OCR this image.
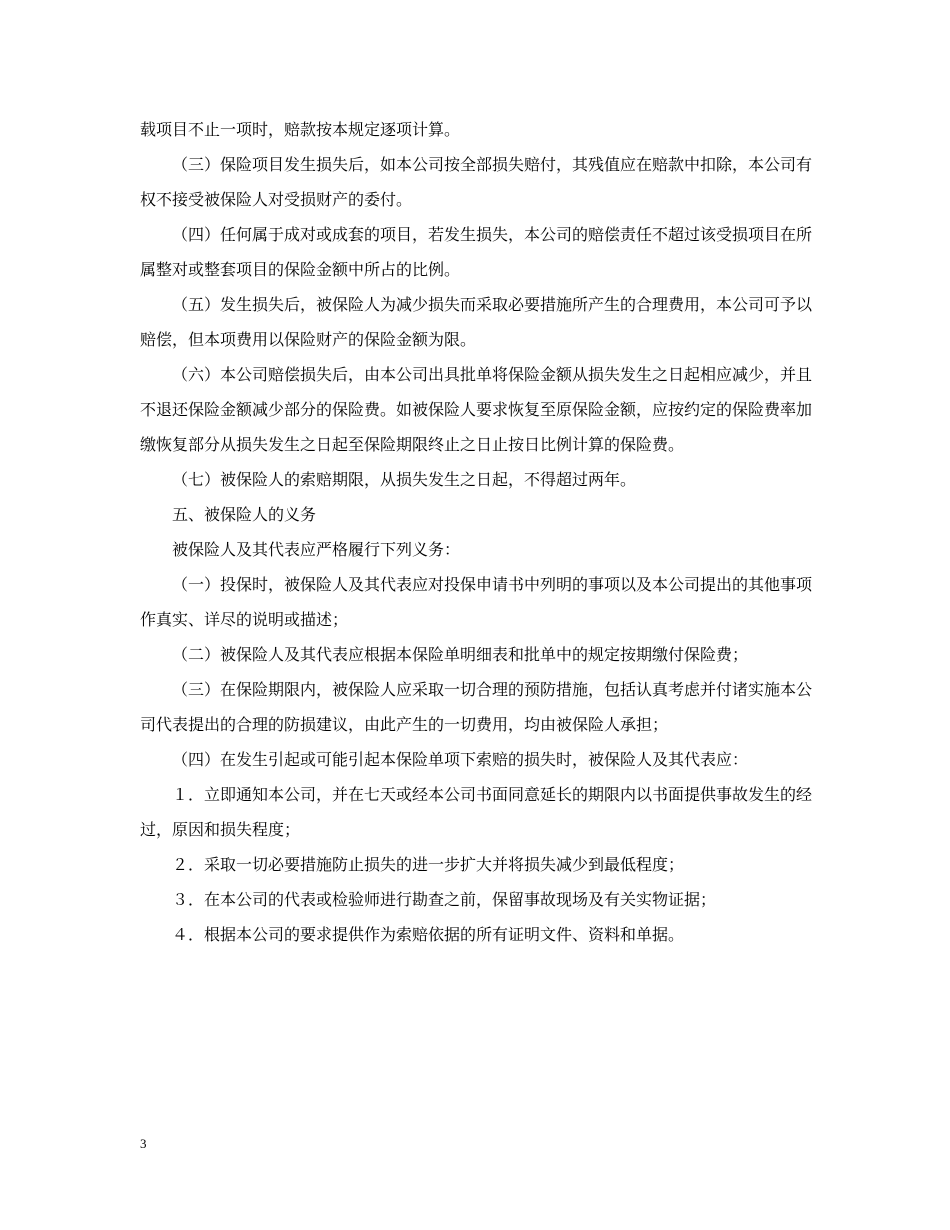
载项目不止一项时，赔款按本规定逐项计算。

（三）保险项目发生损失后，如本公司按全部损失赔付，其残值应在赔款中扣除，本公司有权不接受被保险人对受损财产的委付。

（四）任何属于成对或成套的项目，若发生损失，本公司的赔偿责任不超过该受损项目在所属整对或整套项目的保险金额中所占的比例。

（五）发生损失后，被保险人为减少损失而采取必要措施所产生的合理费用，本公司可予以赔偿，但本项费用以保险财产的保险金额为限。

（六）本公司赔偿损失后，由本公司出具批单将保险金额从损失发生之日起相应减少，并且不退还保险金额减少部分的保险费。如被保险人要求恢复至原保险金额，应按约定的保险费率加缴恢复部分从损失发生之日起至保险期限终止之日止按日比例计算的保险费。

（七）被保险人的索赔期限，从损失发生之日起，不得超过两年。

五、被保险人的义务

被保险人及其代表应严格履行下列义务：

（一）投保时，被保险人及其代表应对投保申请书中列明的事项以及本公司提出的其他事项作真实、详尽的说明或描述；

（二）被保险人及其代表应根据本保险单明细表和批单中的规定按期缴付保险费；

（三）在保险期限内，被保险人应采取一切合理的预防措施，包括认真考虑并付诸实施本公司代表提出的合理的防损建议，由此产生的一切费用，均由被保险人承担；

（四）在发生引起或可能引起本保险单项下索赔的损失时，被保险人及其代表应：

１．立即通知本公司，并在七天或经本公司书面同意延长的期限内以书面提供事故发生的经过，原因和损失程度；

２．采取一切必要措施防止损失的进一步扩大并将损失减少到最低程度；

３．在本公司的代表或检验师进行勘查之前，保留事故现场及有关实物证据；

４．根据本公司的要求提供作为索赔依据的所有证明文件、资料和单据。

3
